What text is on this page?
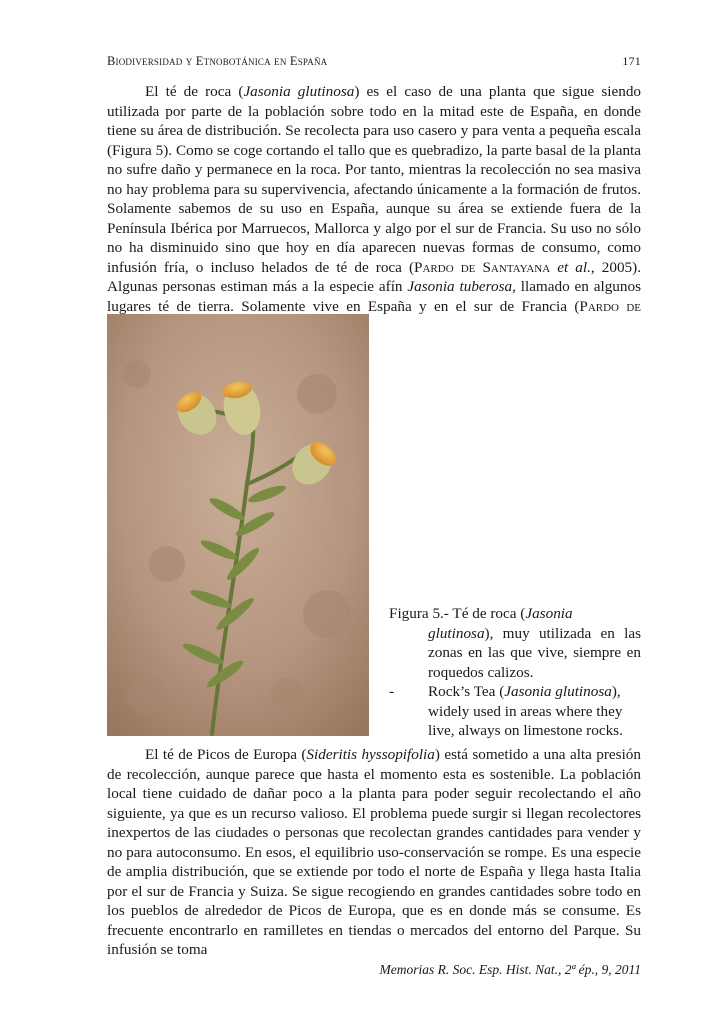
Biodiversidad y Etnobotánica en España	171

El té de roca (Jasonia glutinosa) es el caso de una planta que sigue siendo utilizada por parte de la población sobre todo en la mitad este de España, en donde tiene su área de distribución. Se recolecta para uso casero y para venta a pequeña escala (Figura 5). Como se coge cortando el tallo que es quebradizo, la parte basal de la planta no sufre daño y permanece en la roca. Por tanto, mientras la recolección no sea masiva no hay problema para su supervivencia, afectando únicamente a la formación de frutos. Solamente sabemos de su uso en España, aunque su área se extiende fuera de la Península Ibérica por Marruecos, Mallorca y algo por el sur de Francia. Su uso no sólo no ha disminuido sino que hoy en día aparecen nuevas formas de consumo, como infusión fría, o incluso helados de té de roca (Pardo de Santayana et al., 2005). Algunas personas estiman más a la especie afín Jasonia tuberosa, llamado en algunos lugares té de tierra. Solamente vive en España y en el sur de Francia (Pardo de

Figura 5.- Té de roca (Jasonia
glutinosa), muy utilizada en las zonas en las que vive, siempre en roquedos calizos.
-	Rock’s Tea (Jasonia glutinosa), widely used in areas where they live, always on limestone rocks.

El té de Picos de Europa (Sideritis hyssopifolia) está sometido a una alta presión de recolección, aunque parece que hasta el momento esta es sostenible. La población local tiene cuidado de dañar poco a la planta para poder seguir recolectando el año siguiente, ya que es un recurso valioso. El problema puede surgir si llegan recolectores inexpertos de las ciudades o personas que recolectan grandes cantidades para vender y no para autoconsumo. En esos, el equilibrio uso-conservación se rompe. Es una especie de amplia distribución, que se extiende por todo el norte de España y llega hasta Italia por el sur de Francia y Suiza. Se sigue recogiendo en grandes cantidades sobre todo en los pueblos de alrededor de Picos de Europa, que es en donde más se consume. Es frecuente encontrarlo en ramilletes en tiendas o mercados del entorno del Parque. Su infusión se toma

Memorias R. Soc. Esp. Hist. Nat., 2ª ép., 9, 2011
